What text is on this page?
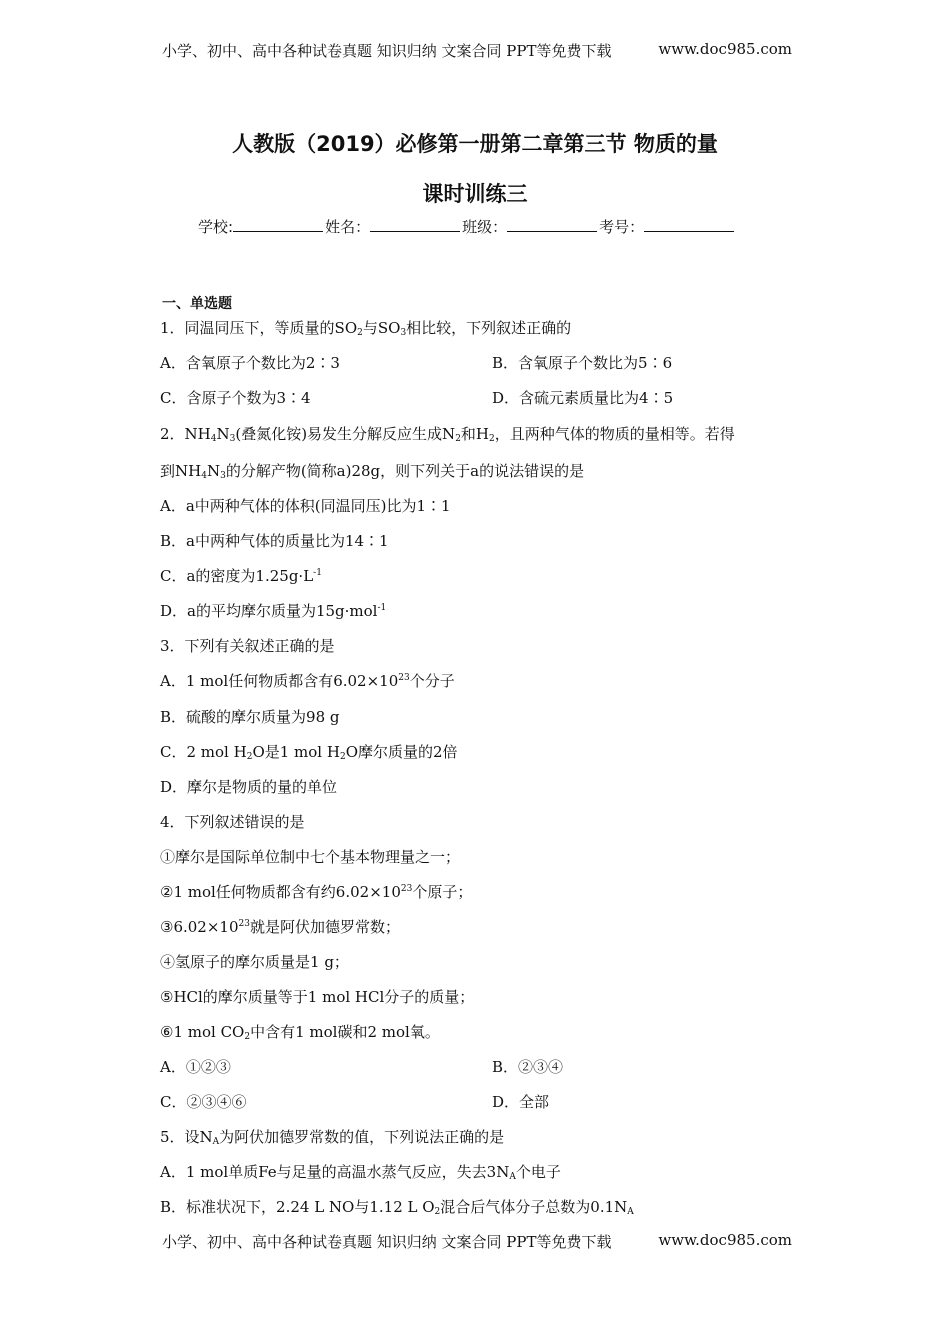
小学、初中、高中各种试卷真题 知识归纳 文案合同 PPT等免费下载	www.doc985.com
人教版（2019）必修第一册第二章第三节 物质的量
课时训练三
学校:	姓名：	班级：	考号：
一、单选题
1．同温同压下，等质量的$SO_2$与$SO_3$相比较，下列叙述正确的
A．含氧原子个数比为2∶3	B．含氧原子个数比为5∶6
C．含原子个数为3∶4	D．含硫元素质量比为4∶5
2．$NH_4N_3$(叠氮化铵)易发生分解反应生成$N_2$和$H_2$，且两种气体的物质的量相等。若得
到$NH_4N_3$的分解产物(简称a)28g，则下列关于a的说法错误的是
A．a中两种气体的体积(同温同压)比为1∶1
B．a中两种气体的质量比为14∶1
C．a的密度为$1.25g\cdot L^{-1}$
D．a的平均摩尔质量为15g·mol$^{-1}$
3．下列有关叙述正确的是
A．1 mol任何物质都含有$6.02\times 10^{23}$个分子
B．硫酸的摩尔质量为98 g
C．2 mol $H_2O$是1 mol $H_2O$摩尔质量的2倍
D．摩尔是物质的量的单位
4．下列叙述错误的是
①摩尔是国际单位制中七个基本物理量之一；
②1 mol任何物质都含有约$6.02\times 10^{23}$个原子；
$③6.02\times 10^{23}$就是阿伏加德罗常数；
④氢原子的摩尔质量是1 g；
⑤HCl的摩尔质量等于1 mol HCl分子的质量；
⑥1 mol $CO_2$中含有1 mol碳和2 mol氧。
A．①②③	B．②③④
C．②③④⑥	D．全部
5．设$N_A$为阿伏加德罗常数的值，下列说法正确的是
A．1 mol单质Fe与足量的高温水蒸气反应，失去$3N_A$个电子
B．标准状况下，2.24 L NO与1.12 L $O_2$混合后气体分子总数为$0.1N_A$
小学、初中、高中各种试卷真题 知识归纳 文案合同 PPT等免费下载	www.doc985.com
